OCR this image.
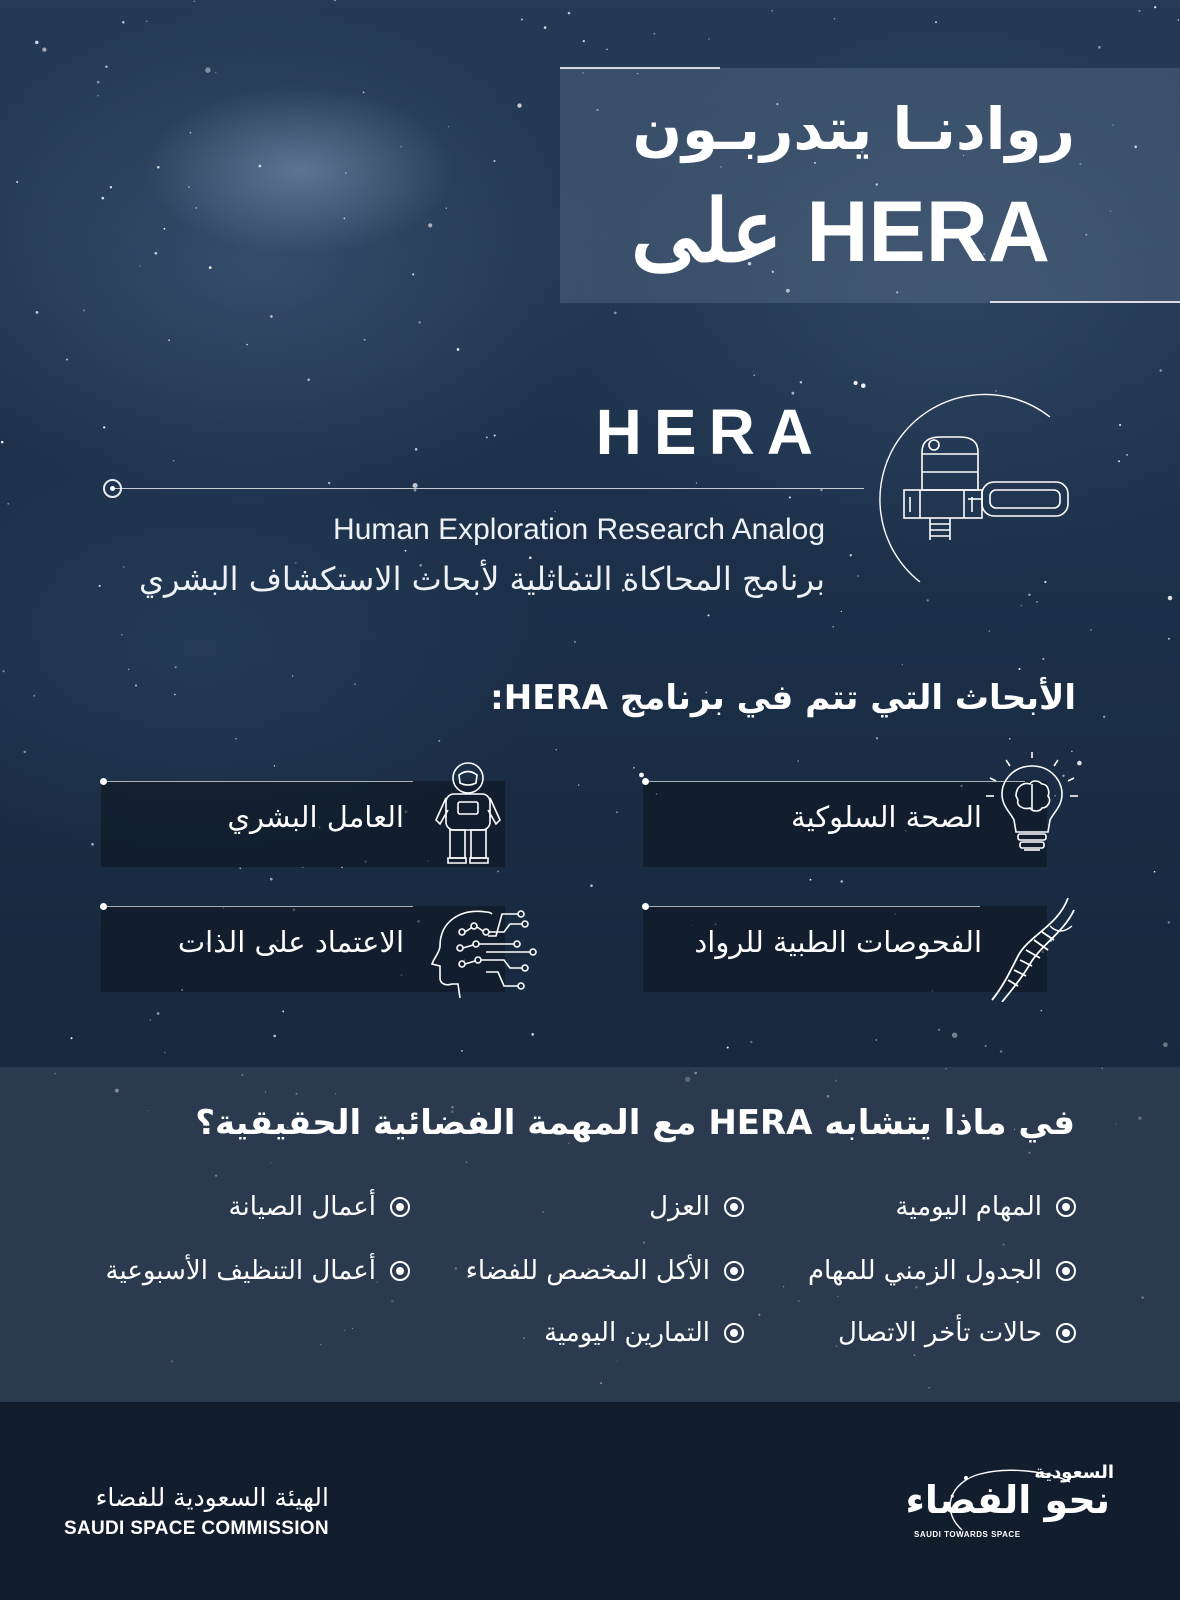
روادنـا يتدربـون
على HERA
HERA
Human Exploration Research Analog
برنامج المحاكاة التماثلية لأبحاث الاستكشاف البشري
الأبحاث التي تتم في برنامج HERA:
الصحة السلوكية
العامل البشري
الفحوصات الطبية للرواد
الاعتماد على الذات
في ماذا يتشابه HERA مع المهمة الفضائية الحقيقية؟
المهام اليومية
الجدول الزمني للمهام
حالات تأخر الاتصال
العزل
الأكل المخصص للفضاء
التمارين اليومية
أعمال الصيانة
أعمال التنظيف الأسبوعية
الهيئة السعودية للفضاء
SAUDI SPACE COMMISSION
السعودية
نحو الفضاء
SAUDI TOWARDS SPACE
